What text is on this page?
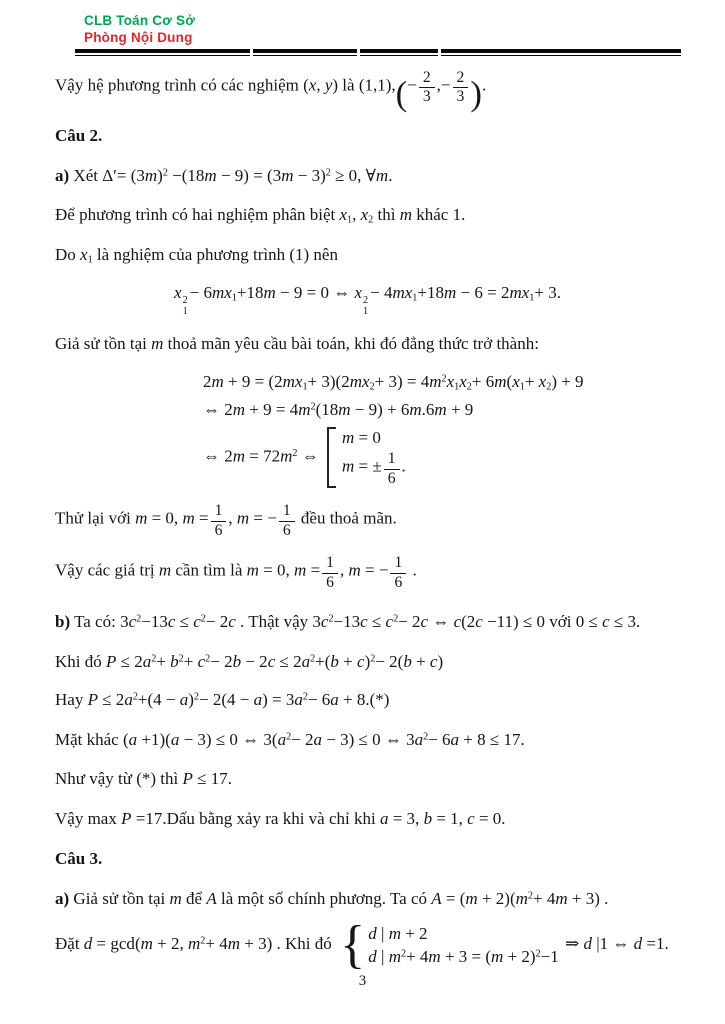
CLB Toán Cơ Sở
Phòng Nội Dung
Vậy hệ phương trình có các nghiệm (x, y) là $(1,1),(- \frac{2}{3}$ ,− $\frac{2}{3}$ ).
Câu 2.
a) Xét $\Delta'= (3m)^2 -(18m - 9) = (3m - 3)^2 \ge 0$, ∀m.
Để phương trình có hai nghiệm phân biệt $x_1$, $x_2$ thì m khác 1.
Do $x_1$ là nghiệm của phương trình (1) nên
x 2
1
− $6mx_1+18m - 9 = 0$ ⇔ x 2
1
− $4mx_1+18m - 6 = 2mx_1+ 3$.
Giả sử tồn tại m thoả mãn yêu cầu bài toán, khi đó đẳng thức trở thành:
$2m + 9 = (2mx_1+ 3)(2mx_2+ 3) = 4m^2x_1x_2+ 6m(x_1+ x_2) + 9$
⇔ $2m + 9 = 4m^2(18m - 9) + 6m.6m + 9$
⇔ $2m = 72m^2$ ⇔
m = 0
m = ± $\frac{1}{6}$ .
Thử lại với m = 0, $m = \frac{1}{6}$ , m = − $\frac{1}{6}$ đều thoả mãn.
Vậy các giá trị m cần tìm là m = 0, $m = \frac{1}{6}$ , m = − $\frac{1}{6}$ .
b) Ta có: $3c^2-13c \le c^2- 2c$ . Thật vậy $3c^2-13c \le c^2- 2c$ ⇔ c(2c −11) ≤ 0 với 0 ≤ c ≤ 3.
Khi đó $P \le 2a^2+ b^2+ c^2- 2b - 2c \le 2a^2+(b + c)^2- 2(b + c)$
Hay $P \le 2a^2+(4 - a)^2- 2(4 - a) = 3a^2- 6a + 8.(*)$
Mặt khác (a +1)(a − 3) ≤ 0 ⇔ $3(a^2- 2a - 3) \le 0$ ⇔ $3a^2- 6a + 8 \le 17$.
Như vậy từ (*) thì P ≤ 17.
Vậy max P =17.Dấu bằng xảy ra khi và chỉ khi a = 3, b = 1, c = 0.
Câu 3.
a) Giả sử tồn tại m để A là một số chính phương. Ta có $A = (m + 2)(m^2+ 4m + 3)$ .
Đặt d = gcd(m + 2, $m^2+ 4m + 3$) . Khi đó { d | m + 2
d | $m^2+ 4m + 3 = (m + 2)^2-1$
⇒ d |1 ⇔ d =1.
3
